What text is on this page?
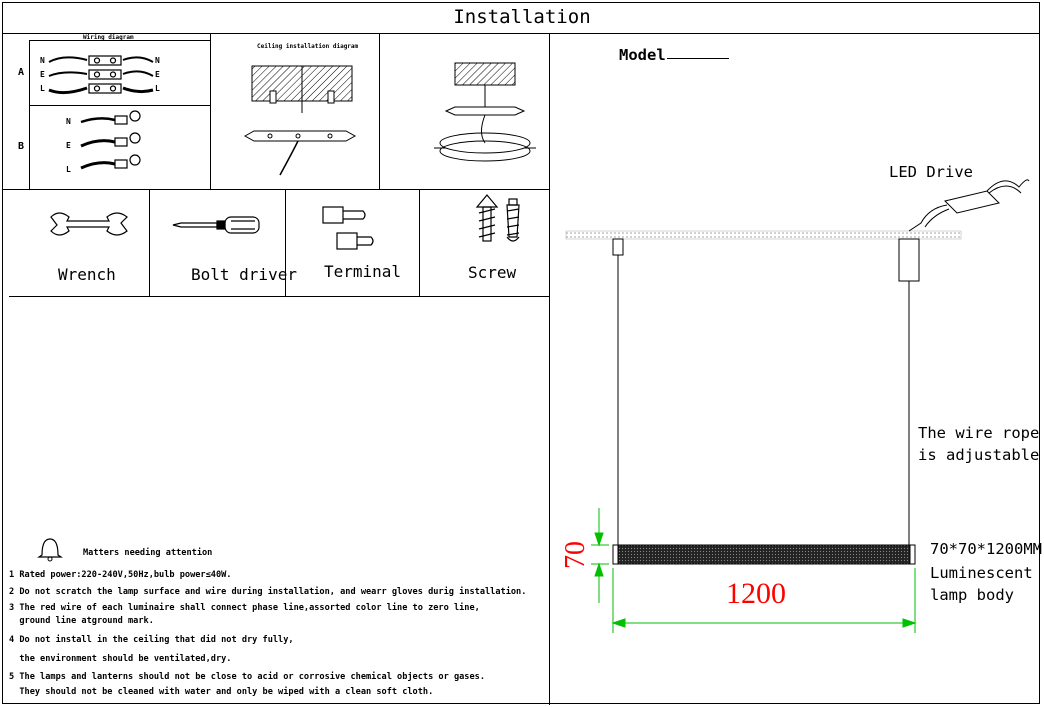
Installation
Wiring diagram
Ceiling installation diagram
A
B
N
E
L
N
E
L
N
E
L
Wrench	Bolt driver Terminal	Screw
Matters needing attention
1 Rated power:220-240V,50Hz,bulb power≤40W.
2 Do not scratch the lamp surface and wire during installation, and wearr gloves durig installation.
3 The red wire of each luminaire shall connect phase line,assorted color line to zero line,
ground line atground mark.
4 Do not install in the ceiling that did not dry fully,
the environment should be ventilated,dry.
5 The lamps and lanterns should not be close to acid or corrosive chemical objects or gases.
They should not be cleaned with water and only be wiped with a clean soft cloth.
Model
LED Drive
The wire rope
is adjustable
70*70*1200MM
Luminescent
lamp body
1200
70
